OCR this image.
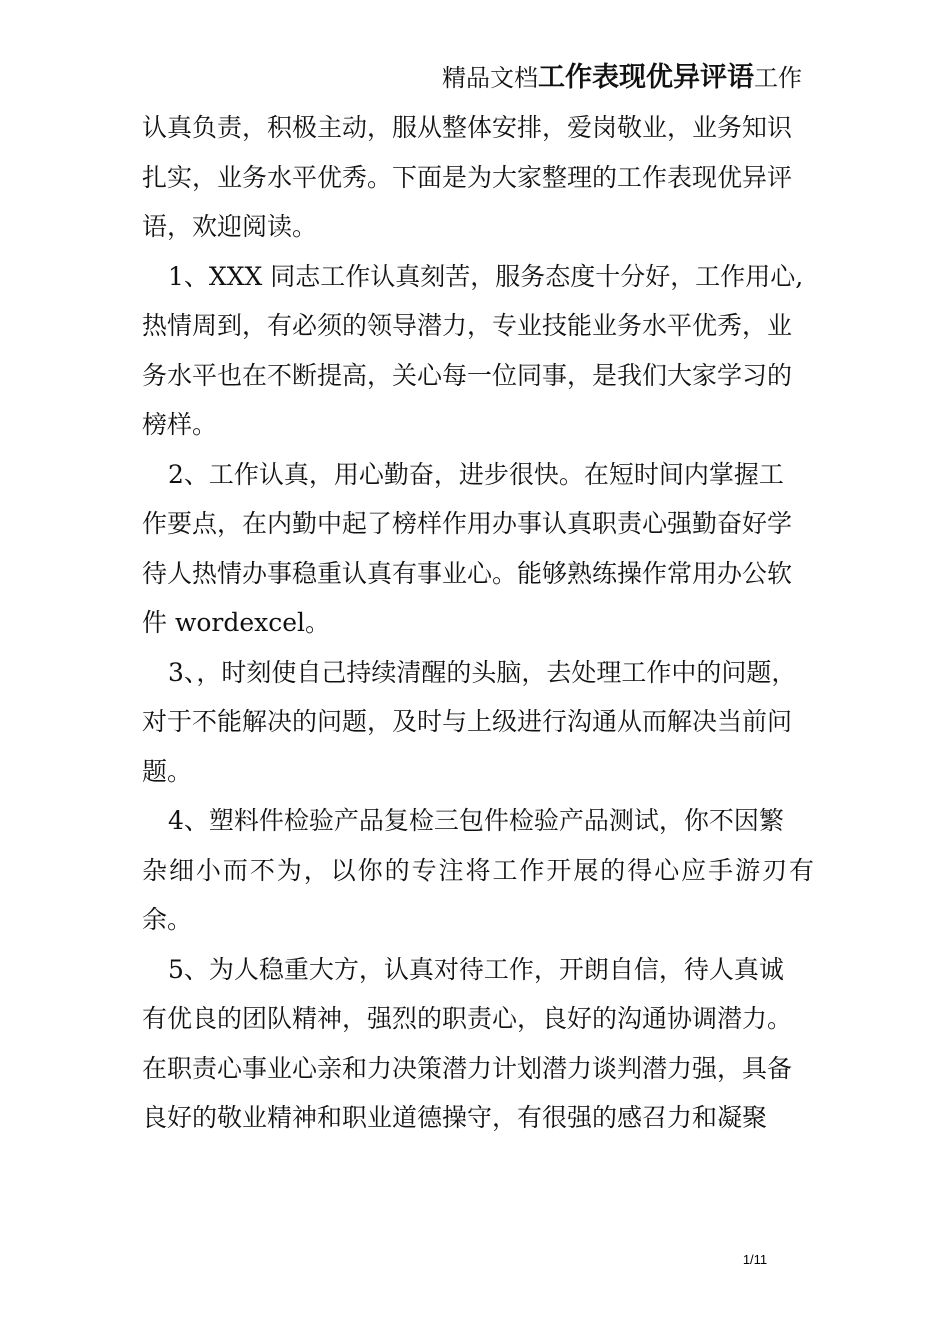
精品文档工作表现优异评语工作

认真负责，积极主动，服从整体安排，爱岗敬业，业务知识
扎实，业务水平优秀。下面是为大家整理的工作表现优异评
语，欢迎阅读。

1、XXX 同志工作认真刻苦，服务态度十分好，工作用心,
热情周到，有必须的领导潜力，专业技能业务水平优秀，业
务水平也在不断提高，关心每一位同事，是我们大家学习的
榜样。

2、工作认真，用心勤奋，进步很快。在短时间内掌握工
作要点，在内勤中起了榜样作用办事认真职责心强勤奋好学
待人热情办事稳重认真有事业心。能够熟练操作常用办公软
件 wordexcel。

3、，时刻使自己持续清醒的头脑，去处理工作中的问题，
对于不能解决的问题，及时与上级进行沟通从而解决当前问
题。

4、塑料件检验产品复检三包件检验产品测试，你不因繁
杂细小而不为，以你的专注将工作开展的得心应手游刃有余。

5、为人稳重大方，认真对待工作，开朗自信，待人真诚
有优良的团队精神，强烈的职责心，良好的沟通协调潜力。
在职责心事业心亲和力决策潜力计划潜力谈判潜力强，具备
良好的敬业精神和职业道德操守，有很强的感召力和凝聚

1/11
